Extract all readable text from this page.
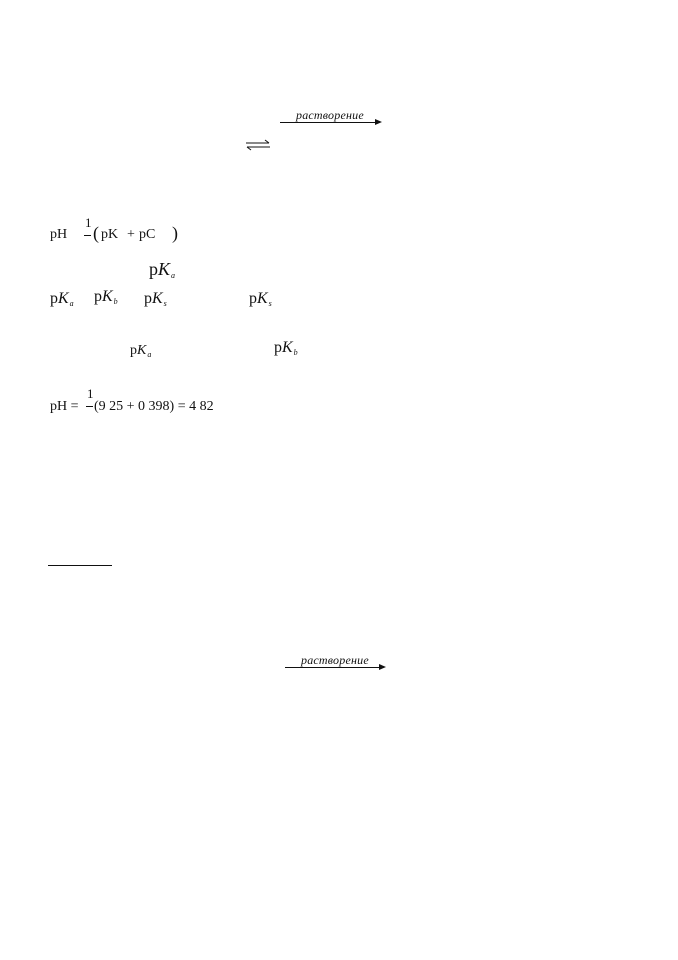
растворение
pH
1
( pK + pC )
pKa
pKa pKb pKs	pKs
$pK_a$	pKb
pH =
1
(9 25 + 0 398) = 4 82
растворение
